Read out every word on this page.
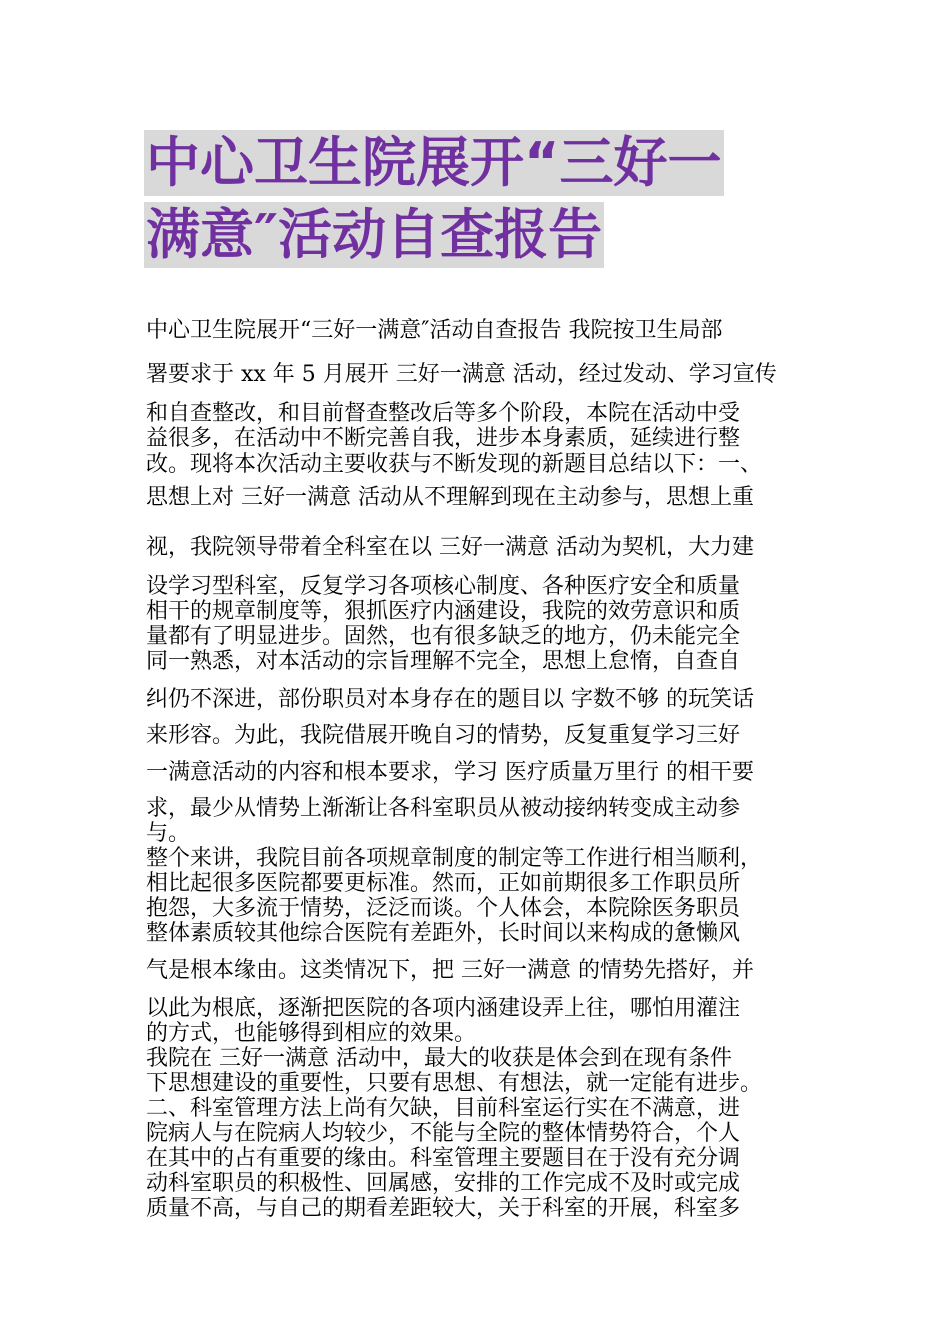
中心卫生院展开“三好一
满意″活动自查报告
中心卫生院展开“三好一满意″活动自查报告 我院按卫生局部
署要求于 xx 年 5 月展开 三好一满意 活动，经过发动、学习宣传
和自查整改，和目前督查整改后等多个阶段，本院在活动中受
益很多，在活动中不断完善自我，进步本身素质，延续进行整
改。现将本次活动主要收获与不断发现的新题目总结以下：一、
思想上对 三好一满意 活动从不理解到现在主动参与，思想上重
视，我院领导带着全科室在以 三好一满意 活动为契机，大力建
设学习型科室，反复学习各项核心制度、各种医疗安全和质量
相干的规章制度等，狠抓医疗内涵建设，我院的效劳意识和质
量都有了明显进步。固然，也有很多缺乏的地方，仍未能完全
同一熟悉，对本活动的宗旨理解不完全，思想上怠惰，自查自
纠仍不深进，部份职员对本身存在的题目以 字数不够 的玩笑话
来形容。为此，我院借展开晚自习的情势，反复重复学习三好
一满意活动的内容和根本要求，学习 医疗质量万里行 的相干要
求，最少从情势上渐渐让各科室职员从被动接纳转变成主动参
与。
整个来讲，我院目前各项规章制度的制定等工作进行相当顺利，
相比起很多医院都要更标准。然而，正如前期很多工作职员所
抱怨，大多流于情势，泛泛而谈。个人体会，本院除医务职员
整体素质较其他综合医院有差距外，长时间以来构成的惫懒风
气是根本缘由。这类情况下，把 三好一满意 的情势先搭好，并
以此为根底，逐渐把医院的各项内涵建设弄上往，哪怕用灌注
的方式，也能够得到相应的效果。
我院在 三好一满意 活动中，最大的收获是体会到在现有条件
下思想建设的重要性，只要有思想、有想法，就一定能有进步。
二、科室管理方法上尚有欠缺，目前科室运行实在不满意，进
院病人与在院病人均较少，不能与全院的整体情势符合，个人
在其中的占有重要的缘由。科室管理主要题目在于没有充分调
动科室职员的积极性、回属感，安排的工作完成不及时或完成
质量不高，与自己的期看差距较大，关于科室的开展，科室多
